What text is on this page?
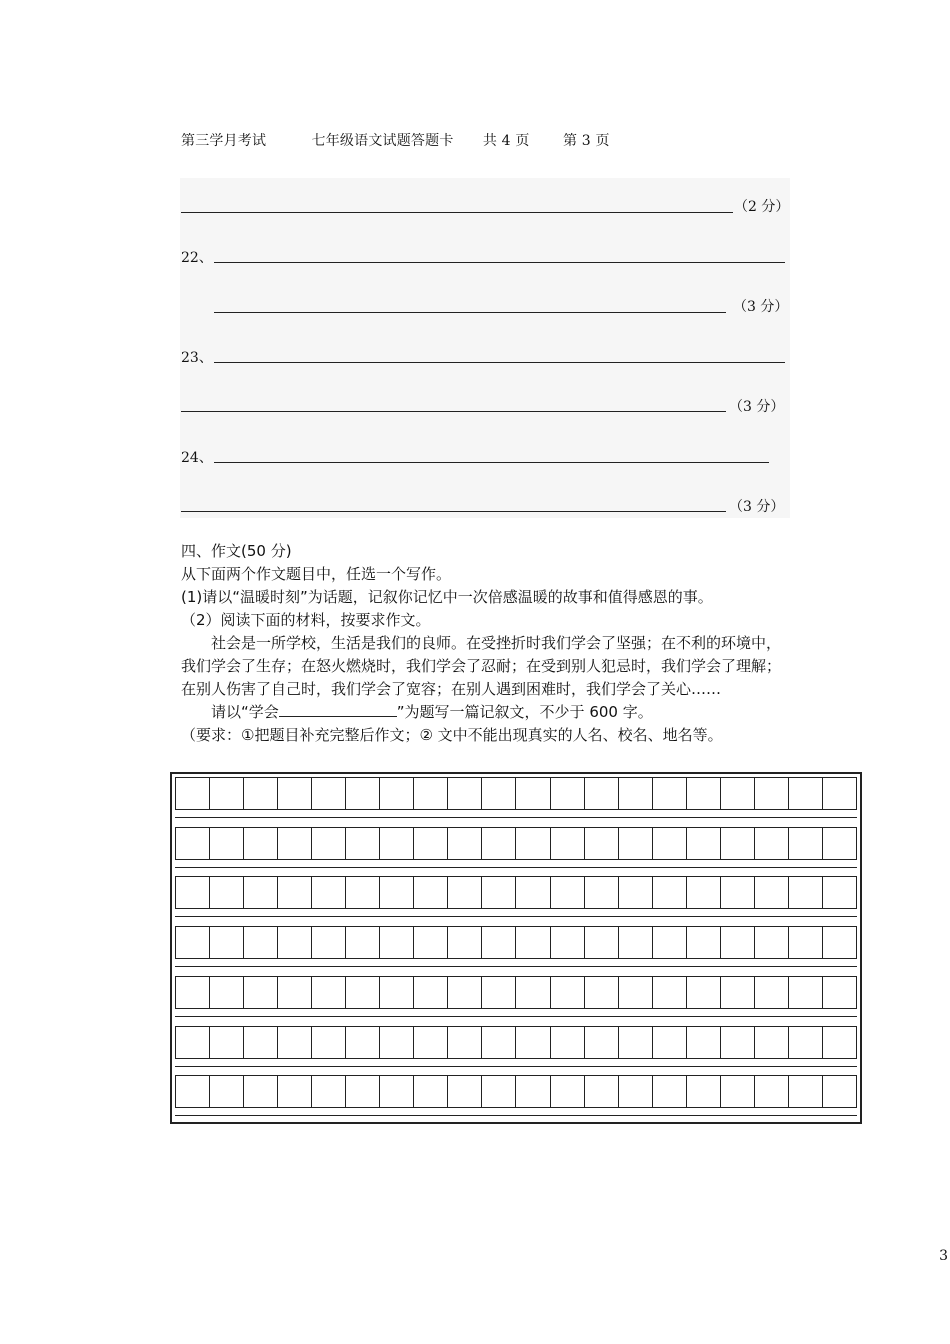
第三学月考试	七年级语文试题答题卡 共 4 页 第 3 页
（2 分）
22、
（3 分）
23、
（3 分）
24、
（3 分）

四、作文(50 分)

从下面两个作文题目中，任选一个写作。

(1)请以“温暖时刻”为话题，记叙你记忆中一次倍感温暖的故事和值得感恩的事。

（2）阅读下面的材料，按要求作文。

社会是一所学校，生活是我们的良师。在受挫折时我们学会了坚强；在不利的环境中，我们学会了生存；在怒火燃烧时，我们学会了忍耐；在受到别人犯忌时，我们学会了理解；在别人伤害了自己时，我们学会了宽容；在别人遇到困难时，我们学会了关心……

请以“学会	”为题写一篇记叙文，不少于 600 字。

（要求：①把题目补充完整后作文；② 文中不能出现真实的人名、校名、地名等。

3
